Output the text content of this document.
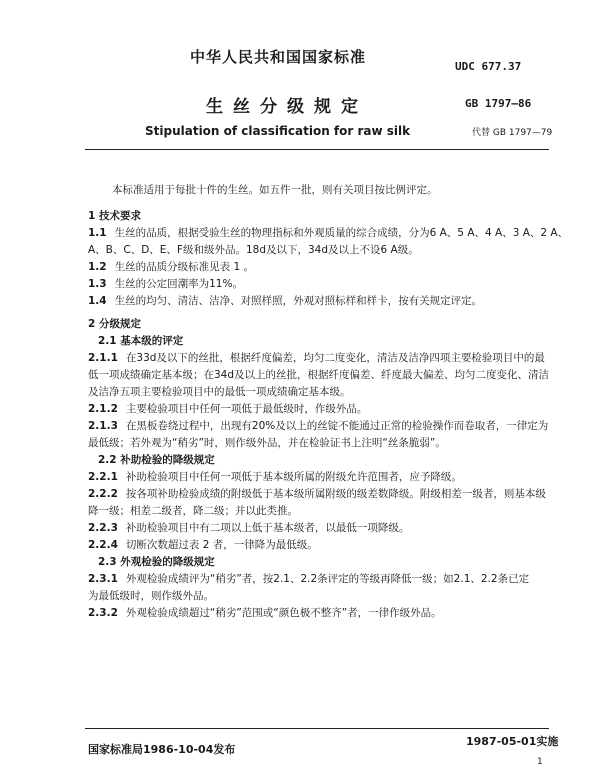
中华人民共和国国家标准
UDC 677.37
生丝分级规定	GB 1797—86
Stipulation of classification for raw silk	代替 GB 1797—79
本标准适用于每批十件的生丝。如五件一批，则有关项目按比例评定。
1 技术要求
1.1 生丝的品质，根据受验生丝的物理指标和外观质量的综合成绩，分为6 A、5 A、4 A、3 A、2 A、
A、B、C、D、E、F级和级外品。18d及以下，34d及以上不设6 A级。
1.2 生丝的品质分级标准见表 1 。
1.3 生丝的公定回潮率为11%。
1.4 生丝的均匀、清洁、洁净、对照样照，外观对照标样和样卡，按有关规定评定。
2 分级规定
2.1 基本级的评定
2.1.1 在33d及以下的丝批，根据纤度偏差，均匀二度变化，清洁及洁净四项主要检验项目中的最
低一项成绩确定基本级；在34d及以上的丝批，根据纤度偏差、纤度最大偏差、均匀二度变化、清洁
及洁净五项主要检验项目中的最低一项成绩确定基本级。
2.1.2 主要检验项目中任何一项低于最低级时，作级外品。
2.1.3 在黑板卷绕过程中，出现有20%及以上的丝锭不能通过正常的检验操作而卷取者，一律定为
最低级；若外观为“稍劣”时，则作级外品，并在检验证书上注明“丝条脆弱”。
2.2 补助检验的降级规定
2.2.1 补助检验项目中任何一项低于基本级所属的附级允许范围者，应予降级。
2.2.2 按各项补助检验成绩的附级低于基本级所属附级的级差数降级。附级相差一级者，则基本级
降一级；相差二级者，降二级；并以此类推。
2.2.3 补助检验项目中有二项以上低于基本级者，以最低一项降级。
2.2.4 切断次数超过表 2 者，一律降为最低级。
2.3 外观检验的降级规定
2.3.1 外观检验成绩评为“稍劣”者，按2.1、2.2条评定的等级再降低一级；如2.1、2.2条已定
为最低级时，则作级外品。
2.3.2 外观检验成绩超过“稍劣”范围或“颜色极不整齐”者，一律作级外品。
国家标准局1986-10-04发布
1987-05-01实施
1
